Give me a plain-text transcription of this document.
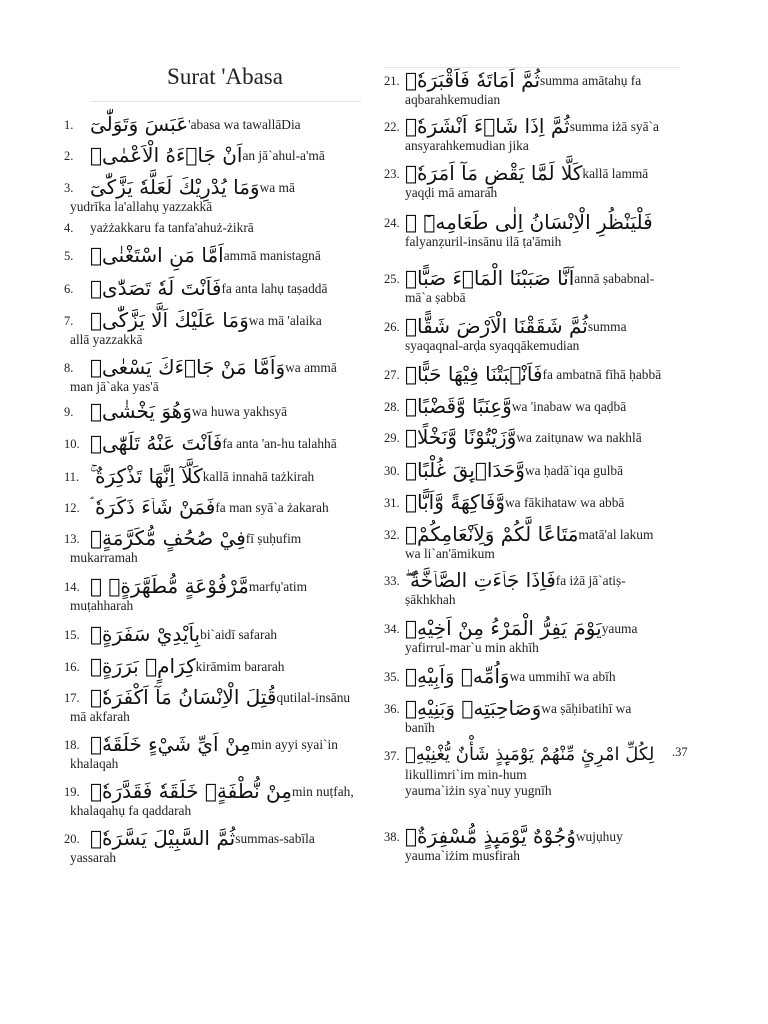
Surat 'Abasa
1. عَبَسَ وَتَوَلّٰىٓ 'abasa wa tawallāDia
2. اَنْ جَاۤءَهُ الْاَعْمٰىۗ an jā`ahul-a'mā
3. وَمَا يُدْرِيْكَ لَعَلَّهٗ يَزَّكّٰىٓ wa mā
yudrīka la'allahụ yazzakkā
4.	yażżakkaru fa tanfa'ahuż-żikrā
5. اَمَّا مَنِ اسْتَغْنٰىۙ ammā manistagnā
6. فَاَنْتَ لَهٗ تَصَدّٰىۗ fa anta lahụ taṣaddā
7. وَمَا عَلَيْكَ اَلَّا يَزَّكّٰىۗ wa mā 'alaika
allā yazzakkā
8. وَاَمَّا مَنْ جَاۤءَكَ يَسْعٰىۙ wa ammā
man jā`aka yas'ā
9. وَهُوَ يَخْشٰىۙ wa huwa yakhsyā
10. فَاَنْتَ عَنْهُ تَلَهّٰىۚ fa anta 'an-hu talahhā
11. كَلَّآ اِنَّهَا تَذْكِرَةٌ ۚ kallā innahā tażkirah
12. فَمَنْ شَاۤءَ ذَكَرَهٗ ۘ fa man syā`a żakarah
13. فِيْ صُحُفٍ مُّكَرَّمَةٍۙ fī ṣuḥufim
mukarramah
14. مَّرْفُوْعَةٍ مُّطَهَّرَةٍۢ ۙ marfụ'atim
muṭahharah
15. بِاَيْدِيْ سَفَرَةٍۙ bi`aidī safarah
16. كِرَامٍۢ بَرَرَةٍۗ kirāmim bararah
17. قُتِلَ الْاِنْسَانُ مَآ اَكْفَرَهٗۗ qutilal-insānu
mā akfarah
18. مِنْ اَيِّ شَيْءٍ خَلَقَهٗۗ min ayyi syai`in
khalaqah
19. مِنْ نُّطْفَةٍۗ خَلَقَهٗ فَقَدَّرَهٗۙ min nuṭfah,
khalaqahụ fa qaddarah
20. ثُمَّ السَّبِيْلَ يَسَّرَهٗۙ summas-sabīla
yassarah
21. ثُمَّ اَمَاتَهٗ فَاَقْبَرَهٗۙ summa amātahụ fa
aqbarahkemudian
22. ثُمَّ اِذَا شَاۤءَ اَنْشَرَهٗۗ summa iżā syā`a
ansyarahkemudian jika
23. كَلَّا لَمَّا يَقْضِ مَآ اَمَرَهٗۗ kallā lammā
yaqḍi mā amarah
24. فَلْيَنْظُرِ الْاِنْسَانُ اِلٰى طَعَامِهٖٓ ۙ
falyanẓuril-insānu ilā ṭa'āmih
25. اَنَّا صَبَبْنَا الْمَاۤءَ صَبًّاۙ annā ṣababnal-
mā`a ṣabbā
26. ثُمَّ شَقَقْنَا الْاَرْضَ شَقًّاۙ summa
syaqaqnal-arḍa syaqqākemudian
27. فَاَنْۢبَتْنَا فِيْهَا حَبًّاۙ fa ambatnā fīhā ḥabbā
28. وَّعِنَبًا وَّقَضْبًاۙ wa 'inabaw wa qaḍbā
29. وَّزَيْتُوْنًا وَّنَخْلًاۙ wa zaitụnaw wa nakhlā
30. وَّحَدَاۤىِٕقَ غُلْبًاۙ wa ḥadā`iqa gulbā
31. وَّفَاكِهَةً وَّاَبًّاۙ wa fākihataw wa abbā
32. مَتَاعًا لَّكُمْ وَلِاَنْعَامِكُمْۗ matā'al lakum
wa li`an'āmikum
33. فَاِذَا جَاۤءَتِ الصَّاۤخَّةُ ۖ fa iżā jā`atiṣ-
ṣākhkhah
34. يَوْمَ يَفِرُّ الْمَرْءُ مِنْ اَخِيْهِۙ yauma
yafirrul-mar`u min akhīh
35. وَاُمِّهٖ وَاَبِيْهِۙ wa ummihī wa abīh
36. وَصَاحِبَتِهٖ وَبَنِيْهِۗ wa ṣāḥibatihī wa
banīh
37. لِكُلِّ امْرِئٍ مِّنْهُمْ يَوْمَىِٕذٍ شَأْنٌ يُّغْنِيْهِۗ
likullimri`im min-hum
yauma`iżin sya`nuy yugnīh
.37
38. وُجُوْهٌ يَّوْمَىِٕذٍ مُّسْفِرَةٌۙ wujụhuy
yauma`iżim musfirah
